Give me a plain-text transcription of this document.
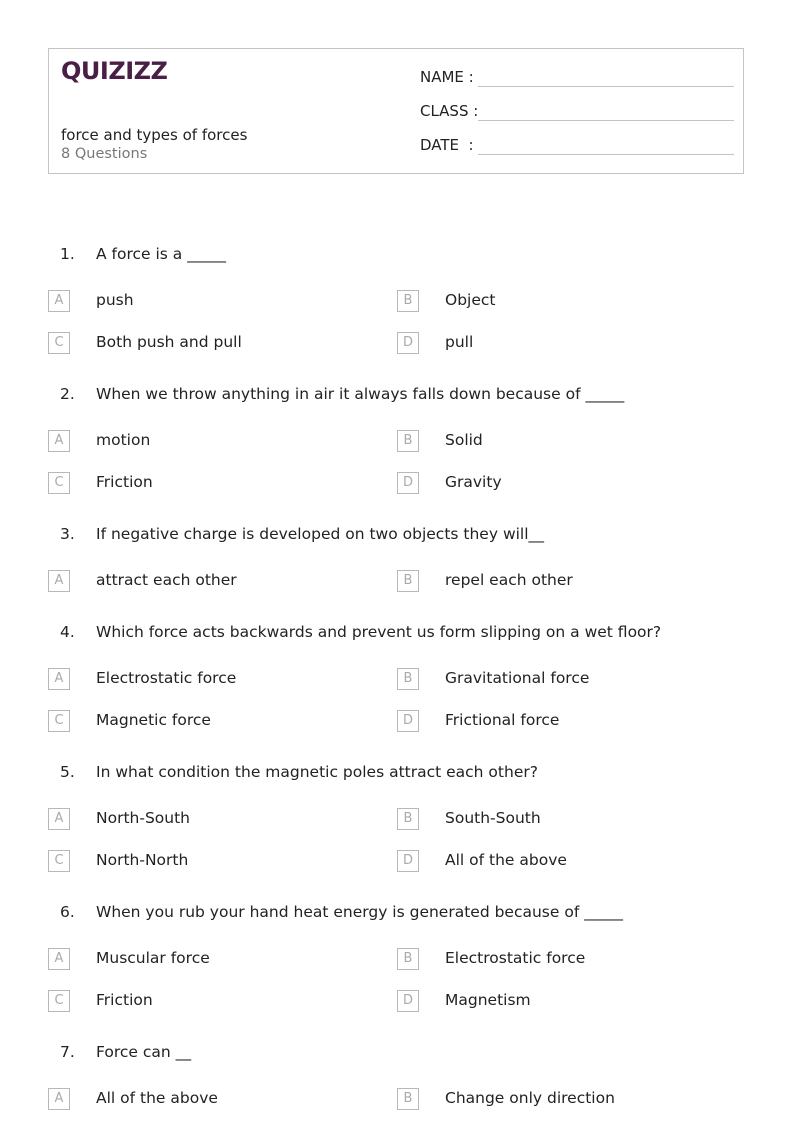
QUIZIZZ
force and types of forces
8 Questions
NAME :
CLASS :
DATE  :
1. A force is a _____
A	push	B	Object
C	Both push and pull	D	pull
2. When we throw anything in air it always falls down because of _____
A	motion	B	Solid
C	Friction	D	Gravity
3. If negative charge is developed on two objects they will__
A	attract each other	B	repel each other
4. Which force acts backwards and prevent us form slipping on a wet floor?
A	Electrostatic force	B	Gravitational force
C	Magnetic force	D	Frictional force
5. In what condition the magnetic poles attract each other?
A	North-South	B	South-South
C	North-North	D	All of the above
6. When you rub your hand heat energy is generated because of _____
A	Muscular force	B	Electrostatic force
C	Friction	D	Magnetism
7. Force can __
A	All of the above	B	Change only direction
